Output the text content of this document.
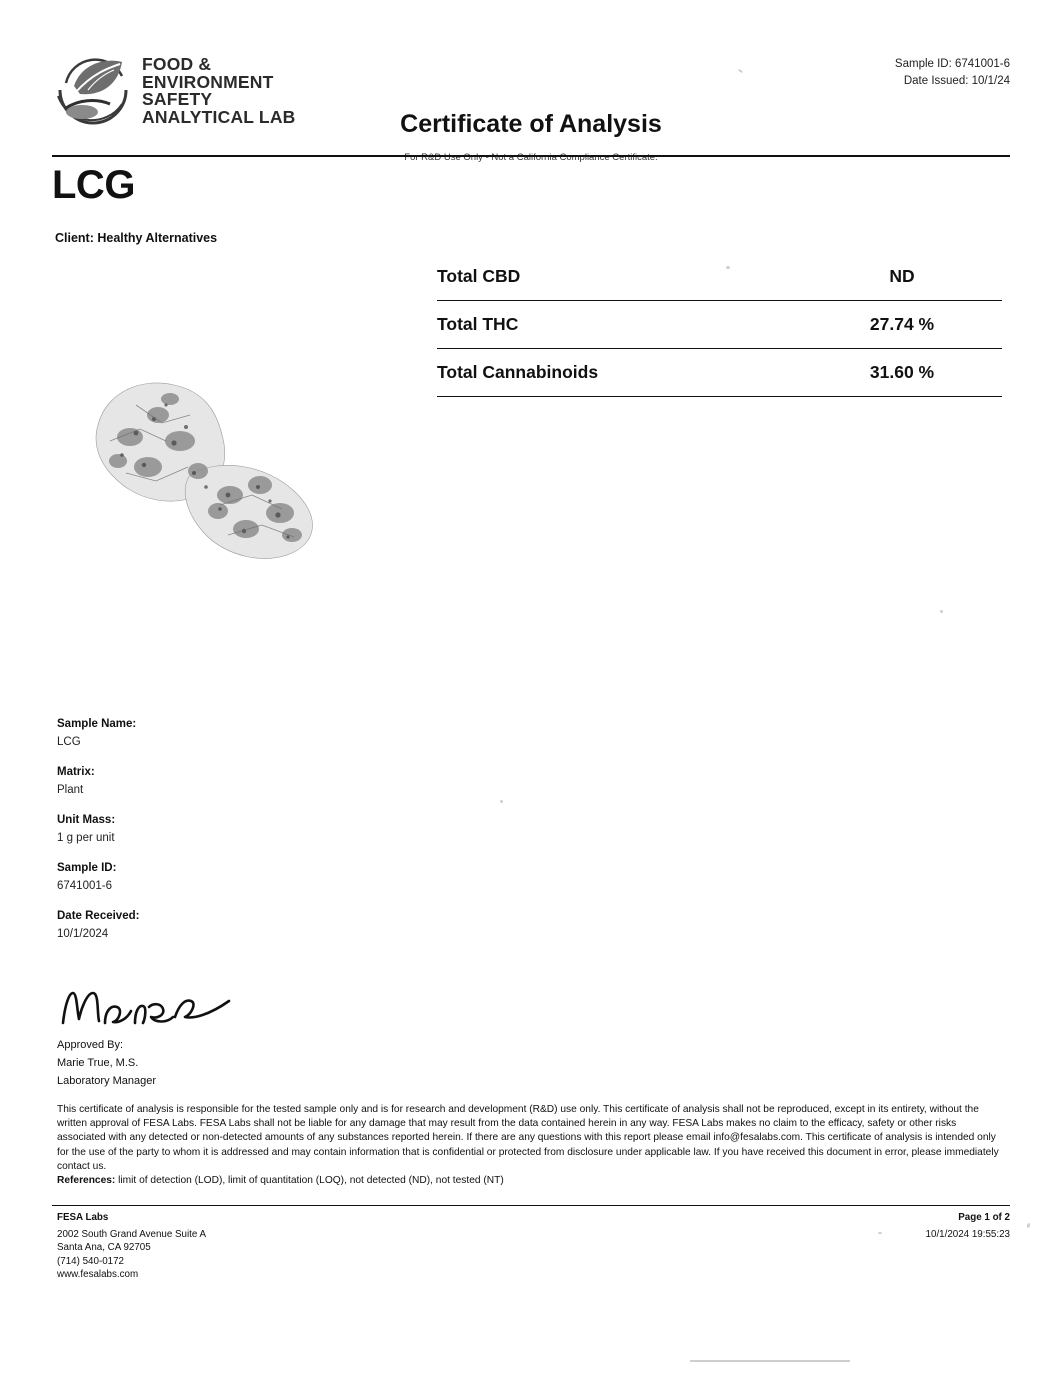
FOOD &
ENVIRONMENT
SAFETY
ANALYTICAL LAB	Certificate of Analysis
For R&D Use Only - Not a California Compliance Certificate.
Sample ID: 6741001-6
Date Issued: 10/1/24
LCG
Client: Healthy Alternatives
Total CBD	ND
Total THC	27.74 %
Total Cannabinoids	31.60 %
Sample Name:
LCG
Matrix:
Plant
Unit Mass:
1 g per unit
Sample ID:
6741001-6
Date Received:
10/1/2024
Approved By:
Marie True, M.S.
Laboratory Manager
This certificate of analysis is responsible for the tested sample only and is for research and development (R&D) use only. This certificate of analysis shall not be reproduced, except in its entirety, without the written approval of FESA Labs. FESA Labs shall not be liable for any damage that may result from the data contained herein in any way. FESA Labs makes no claim to the efficacy, safety or other risks associated with any detected or non-detected amounts of any substances reported herein. If there are any questions with this report please email info@fesalabs.com. This certificate of analysis is intended only for the use of the party to whom it is addressed and may contain information that is confidential or protected from disclosure under applicable law. If you have received this document in error, please immediately contact us.
References: limit of detection (LOD), limit of quantitation (LOQ), not detected (ND), not tested (NT)
FESA Labs
2002 South Grand Avenue Suite A
Santa Ana, CA 92705
(714) 540-0172
www.fesalabs.com
Page 1 of 2
10/1/2024 19:55:23
